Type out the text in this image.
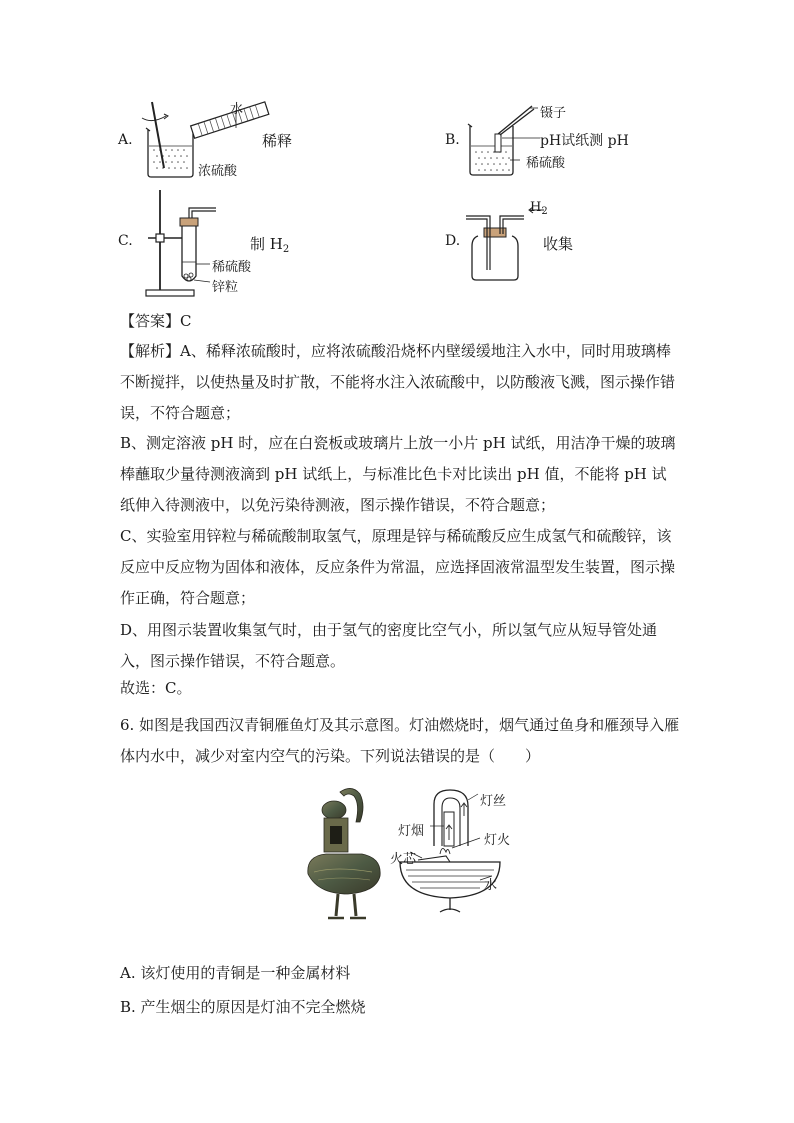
A.
水
稀释
浓硫酸
B.
镊子
pH试纸测 pH
稀硫酸
C.	制 $H_2$
稀硫酸
锌粒
D.
$H_2$
收集
【答案】C
【解析】A、稀释浓硫酸时，应将浓硫酸沿烧杯内壁缓缓地注入水中，同时用玻璃棒不断搅拌，以使热量及时扩散，不能将水注入浓硫酸中，以防酸液飞溅，图示操作错误，不符合题意；
B、测定溶液 pH 时，应在白瓷板或玻璃片上放一小片 pH 试纸，用洁净干燥的玻璃棒蘸取少量待测液滴到 pH 试纸上，与标准比色卡对比读出 pH 值，不能将 pH 试纸伸入待测液中，以免污染待测液，图示操作错误，不符合题意；
C、实验室用锌粒与稀硫酸制取氢气，原理是锌与稀硫酸反应生成氢气和硫酸锌，该反应中反应物为固体和液体，反应条件为常温，应选择固液常温型发生装置，图示操作正确，符合题意；
D、用图示装置收集氢气时，由于氢气的密度比空气小，所以氢气应从短导管处通入，图示操作错误，不符合题意。
故选：C。
6. 如图是我国西汉青铜雁鱼灯及其示意图。灯油燃烧时，烟气通过鱼身和雁颈导入雁体内水中，减少对室内空气的污染。下列说法错误的是（　　）
灯丝
灯烟
灯火
火芯
水
A. 该灯使用的青铜是一种金属材料
B. 产生烟尘的原因是灯油不完全燃烧
